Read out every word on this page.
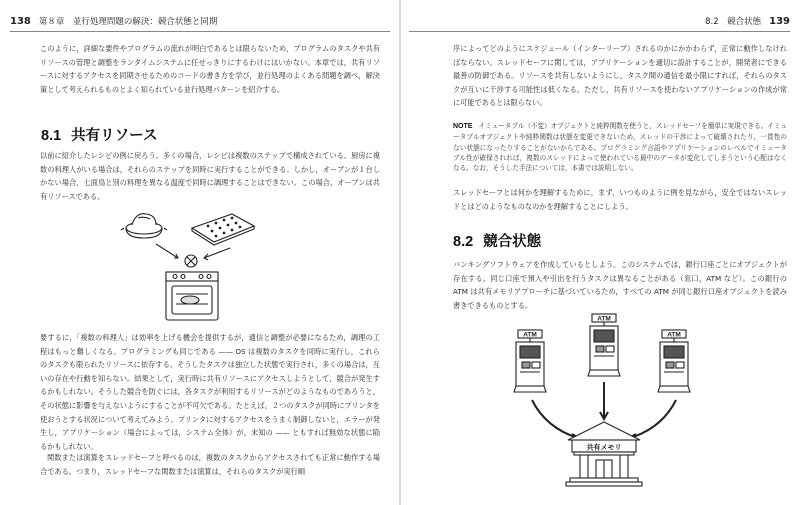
138 第８章　並行処理問題の解決：競合状態と同期

このように，詳細な要件やプログラムの流れが明白であるとは限らないため，プログラムのタスクや共有リソースの管理と調整をランタイムシステムに任せっきりにするわけにはいかない。本章では，共有リソースに対するアクセスを同期させるためのコードの書き方を学び，並行処理のよくある問題を調べ，解決策として考えられるものとよく知られている並行処理パターンを紹介する。

8.1 共有リソース

以前に紹介したレシピの例に戻ろう。多くの場合，レシピは複数のステップで構成されている。厨房に複数の料理人がいる場合は，それらのステップを同時に実行することができる。しかし，オーブンが１台しかない場合，七面鳥と別の料理を異なる温度で同時に調理することはできない。この場合，オーブンは共有リソースである。

要するに，「複数の料理人」は効率を上げる機会を提供するが，通信と調整が必要になるため，調理の工程はもっと難しくなる。プログラミングも同じである —— OS は複数のタスクを同時に実行し，これらのタスクも限られたリソースに依存する。そうしたタスクは独立した状態で実行され，多くの場合は，互いの存在や行動を知らない。結果として，実行時に共有リソースにアクセスしようとして，競合が発生するかもしれない。そうした競合を防ぐには，各タスクが利用するリソースがどのようなものであろうと，その状態に影響を与えないようにすることが不可欠である。たとえば，２つのタスクが同時にプリンタを使おうとする状況について考えてみよう。プリンタに対するアクセスをうまく制御しないと，エラーが発生し，アプリケーション（場合によっては，システム全体）が，未知の —— ともすれば無効な状態に陥るかもしれない。

関数または演算をスレッドセーフと呼べるのは，複数のタスクからアクセスされても正常に動作する場合である。つまり，スレッドセーフな関数または演算は，それらのタスクが実行順

8.2　競合状態 139

序によってどのようにスケジュール（インターリーブ）されるのかにかかわらず，正常に動作しなければならない。スレッドセーフに関しては，アプリケーションを適切に設計することが，開発者にできる最善の防御である。リソースを共有しないようにし，タスク間の通信を最小限にすれば，それらのタスクが互いに干渉する可能性は低くなる。ただし，共有リソースを使わないアプリケーションの作成が常に可能であるとは限らない。

NOTE イミュータブル（不変）オブジェクトと純粋関数を使うと，スレッドセーフを簡単に実現できる。イミュータブルオブジェクトや純粋関数は状態を変更できないため，スレッドの干渉によって破壊されたり，一貫性のない状態になったりすることがないからである。プログラミング言語やアプリケーションのレベルでイミュータブル性が確保されれば，複数のスレッドによって使われている最中のデータが変化してしまうという心配はなくなる。なお，そうした手法については，本書では説明しない。

スレッドセーフとは何かを理解するために，まず，いつものように例を見ながら，安全ではないスレッドとはどのようなものなのかを理解することにしよう。

8.2 競合状態

バンキングソフトウェアを作成しているとしよう。このシステムでは，銀行口座ごとにオブジェクトが存在する。同じ口座で預入や引出を行うタスクは異なることがある（窓口，ATM など）。この銀行の ATM は共有メモリアプローチに基づいているため，すべての ATM が同じ銀行口座オブジェクトを読み書きできるものとする。

ATM
ATM
ATM
共有メモリ
